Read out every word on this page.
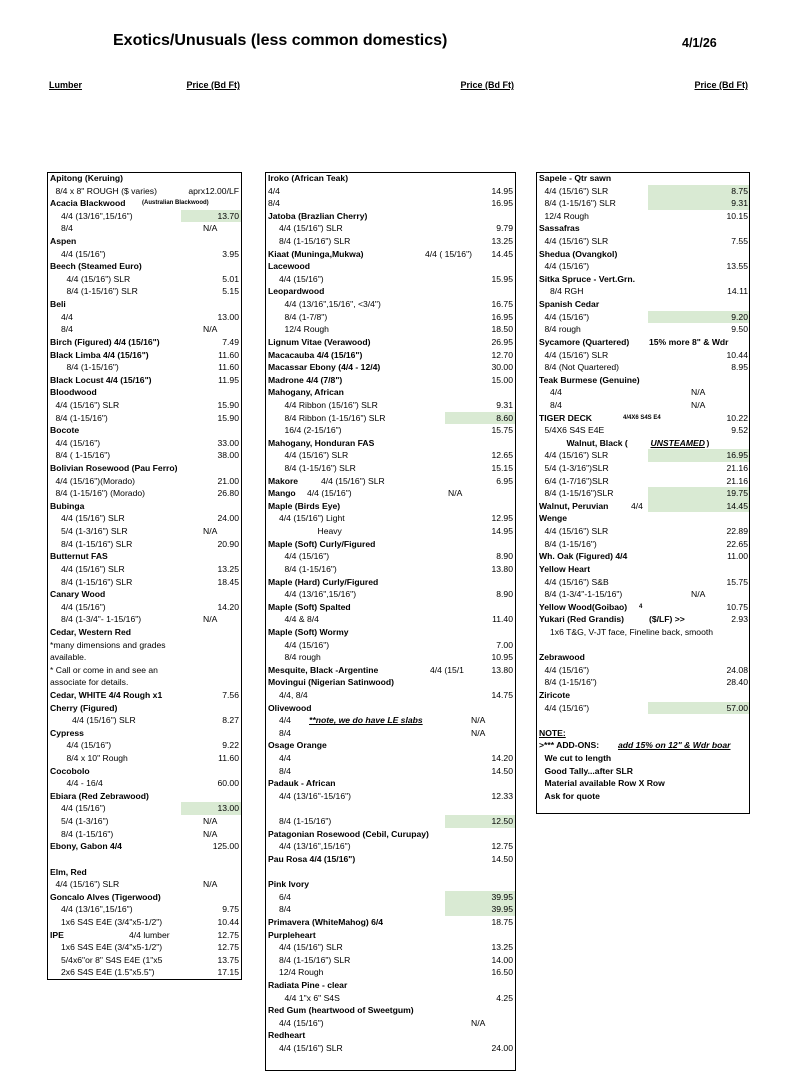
Exotics/Unusuals (less common domestics)	4/1/26
Lumber	Price (Bd Ft)
Apitong (Keruing)
8/4 x 8" ROUGH ($ varies)	aprx12.00/LF
Acacia Blackwood	(Australian Blackwood)
4/4 (13/16",15/16")	13.70
8/4	N/A
Aspen
4/4 (15/16")	3.95
Beech (Steamed Euro)
4/4 (15/16") SLR	5.01
8/4 (1-15/16") SLR	5.15
Beli
4/4	13.00
8/4	N/A
Birch (Figured) 4/4 (15/16")	7.49
Black Limba 4/4 (15/16")	11.60
8/4 (1-15/16")	11.60
Black Locust 4/4 (15/16")	11.95
Bloodwood
4/4 (15/16") SLR	15.90
8/4 (1-15/16")	15.90
Bocote
4/4 (15/16")	33.00
8/4 ( 1-15/16")	38.00
Bolivian Rosewood (Pau Ferro)
4/4 (15/16")(Morado)	21.00
8/4 (1-15/16") (Morado)	26.80
Bubinga
4/4 (15/16") SLR	24.00
5/4 (1-3/16") SLR	N/A
8/4 (1-15/16") SLR	20.90
Butternut FAS
4/4 (15/16") SLR	13.25
8/4 (1-15/16") SLR	18.45
Canary Wood
4/4 (15/16")	14.20
8/4 (1-3/4"- 1-15/16")	N/A
Cedar, Western Red
*many dimensions and grades
available.
* Call or come in and see an
associate for details.
Cedar, WHITE 4/4 Rough x1	7.56
Cherry (Figured)
4/4 (15/16") SLR	8.27
Cypress
4/4 (15/16")	9.22
8/4 x 10" Rough	11.60
Cocobolo
4/4 - 16/4	60.00
Ebiara (Red Zebrawood)
4/4 (15/16")	13.00
5/4 (1-3/16")	N/A
8/4 (1-15/16")	N/A
Ebony, Gabon 4/4	125.00
Elm, Red
4/4 (15/16") SLR	N/A
Goncalo Alves (Tigerwood)
4/4 (13/16",15/16")	9.75
1x6 S4S E4E (3/4"x5-1/2")	10.44
IPE	4/4 lumber	12.75
1x6 S4S E4E (3/4"x5-1/2")	12.75
5/4x6"or 8" S4S E4E (1"x5	13.75
2x6 S4S E4E (1.5"x5.5")	17.15
Price (Bd Ft)
Iroko (African Teak)
4/4	14.95
8/4	16.95
Jatoba (Brazlian Cherry)
4/4 (15/16") SLR	9.79
8/4 (1-15/16") SLR	13.25
Kiaat (Muninga,Mukwa)	4/4 ( 15/16") 14.45
Lacewood
4/4 (15/16")	15.95
Leopardwood
4/4 (13/16",15/16", <3/4")	16.75
8/4 (1-7/8")	16.95
12/4 Rough	18.50
Lignum Vitae (Verawood)	26.95
Macacauba 4/4 (15/16")	12.70
Macassar Ebony (4/4 - 12/4)	30.00
Madrone 4/4 (7/8")	15.00
Mahogany, African
4/4 Ribbon (15/16") SLR	9.31
8/4 Ribbon (1-15/16") SLR	8.60
16/4 (2-15/16")	15.75
Mahogany, Honduran FAS
4/4 (15/16") SLR	12.65
8/4 (1-15/16") SLR	15.15
Makore	4/4 (15/16") SLR	6.95
Mango 4/4 (15/16")	N/A
Maple (Birds Eye)
4/4 (15/16") Light	12.95
Heavy	14.95
Maple (Soft) Curly/Figured
4/4 (15/16")	8.90
8/4 (1-15/16")	13.80
Maple (Hard) Curly/Figured
4/4 (13/16",15/16")	8.90
Maple (Soft) Spalted
4/4 & 8/4	11.40
Maple (Soft) Wormy
4/4 (15/16")	7.00
8/4 rough	10.95
Mesquite, Black -Argentine	4/4 (15/1	13.80
Movingui (Nigerian Satinwood)
4/4, 8/4	14.75
Olivewood
4/4 **note, we do have LE slabs	N/A
8/4	N/A
Osage Orange
4/4	14.20
8/4	14.50
Padauk - African
4/4 (13/16"-15/16")	12.33
8/4 (1-15/16")	12.50
Patagonian Rosewood (Cebil, Curupay)
4/4 (13/16",15/16")	12.75
Pau Rosa 4/4 (15/16")	14.50
Pink Ivory
6/4	39.95
8/4	39.95
Primavera (WhiteMahog) 6/4	18.75
Purpleheart
4/4 (15/16") SLR	13.25
8/4 (1-15/16") SLR	14.00
12/4 Rough	16.50
Radiata Pine - clear
4/4 1"x 6" S4S	4.25
Red Gum (heartwood of Sweetgum)
4/4 (15/16")	N/A
Redheart
4/4 (15/16") SLR	24.00
Price (Bd Ft)
Sapele - Qtr sawn
4/4 (15/16") SLR	8.75
8/4 (1-15/16") SLR	9.31
12/4 Rough	10.15
Sassafras
4/4 (15/16") SLR	7.55
Shedua (Ovangkol)
4/4 (15/16")	13.55
Sitka Spruce - Vert.Grn.
8/4 RGH	14.11
Spanish Cedar
4/4 (15/16")	9.20
8/4 rough	9.50
Sycamore (Quartered) 15% more 8" & Wdr
4/4 (15/16") SLR	10.44
8/4 (Not Quartered)	8.95
Teak Burmese (Genuine)
4/4	N/A
8/4	N/A
TIGER DECK	4/4X6 S4S E4	10.22
5/4X6 S4S E4E	9.52
Walnut, Black (	UNSTEAMED )
4/4 (15/16") SLR	16.95
5/4 (1-3/16")SLR	21.16
6/4 (1-7/16")SLR	21.16
8/4 (1-15/16")SLR	19.75
Walnut, Peruvian	4/4	14.45
Wenge
4/4 (15/16") SLR	22.89
8/4 (1-15/16")	22.65
Wh. Oak (Figured) 4/4	11.00
Yellow Heart
4/4 (15/16") S&B	15.75
8/4 (1-3/4"-1-15/16")	N/A
Yellow Wood(Goibao) 4	10.75
Yukari (Red Grandis)	($/LF) >>	2.93
1x6 T&G, V-JT face, Fineline back, smooth
Zebrawood
4/4 (15/16")	24.08
8/4 (1-15/16")	28.40
Ziricote
4/4 (15/16")	57.00
NOTE:
>*** ADD-ONS: add 15% on 12" & Wdr boar
We cut to length
Good Tally...after SLR
Material available Row X Row
Ask for quote
